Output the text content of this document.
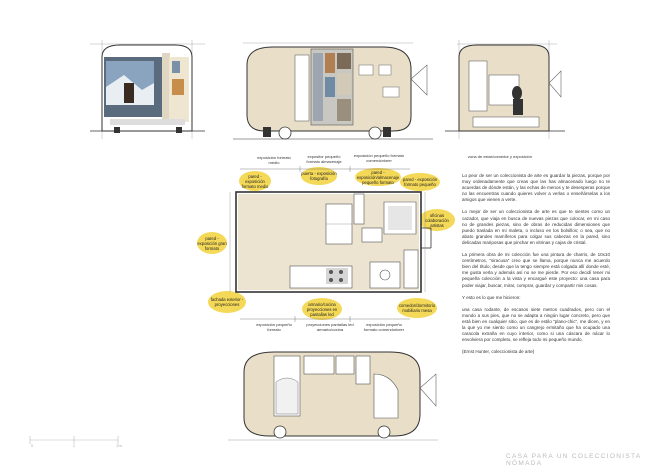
exposición formato medio
expositor pequeño formato almacenaje
exposición pequeño formato comendorkeer
zona de estar/comedor y exposición
pared - exposición formato medio
puerta - exposición fotografía
pared - exposición/almacenaje pequeño formato	pared - exposición formato pequeño
pared - exposición gran formato
oficinas colaboración artistas
fachada exterior - proyecciones	armario/cocina proyecciones en pantallas led
comedor/dormitorio mobiliario mesa
exposición pequeño formato
proyecciones pantallas led armario/cocina
exposición pequeño formato comendorkeer
0	1	2m

Lo peor de ser un coleccionista de arte es guardar la piezas, porque por muy ordenadamente que creas que las has almacenado luego no te acuerdas de dónde están, y las echas de menos y te desesperas porque no las encuentras cuando quieres volver a verlas o enseñárselas a los amigos que vienen a verte.

Lo mejor de ser un coleccionista de arte es que te sientes como un cazador, que viaja en busca de nuevas piezas que colocar, en mi caso no de grandes piezas, sino de obras de reducidas dimensiones que puedo traslada en mi maleta, o incluso en los bolsillos; o sea, que no abato grandes mamíferos para colgar sus cabezas en la pared, sino delicadas mariposas que pinchar en vitrinas y cajas de cristal.

La primera obra de mi colección fue una pintura de charris, de 10x10 centímetros, "siracusa" creo que se llama, porque nunca me acuerdo bien del título; desde que la tengo siempre está colgada allí donde esté, me gusta verla y además así no se me pierde. Por eso decidí tener mi pequeña colección a la vista y encargué este proyecto: una casa para poder viajar, buscar, mirar, comprar, guardar y compartir mis cosas.

Y esto es lo que me hicieron:

una casa rodante, de escasos siete metros cuadrados, pero con el mundo a sus pies, que no se adapta a ningún lugar concreto, pero que está bien en cualquier sitio, que es de estilo "plano-chic", me dicen, y en la que yo me siento como un cangrejo ermitaño que ha ocupado una caracola extraña en cuyo interior, como si una cáscara de nácar lo envolviera por completo, se refleja todo mi pequeño mundo.

(Ernst Hunter, coleccionista de arte)

CASA PARA UN COLECCIONISTA NÓMADA
